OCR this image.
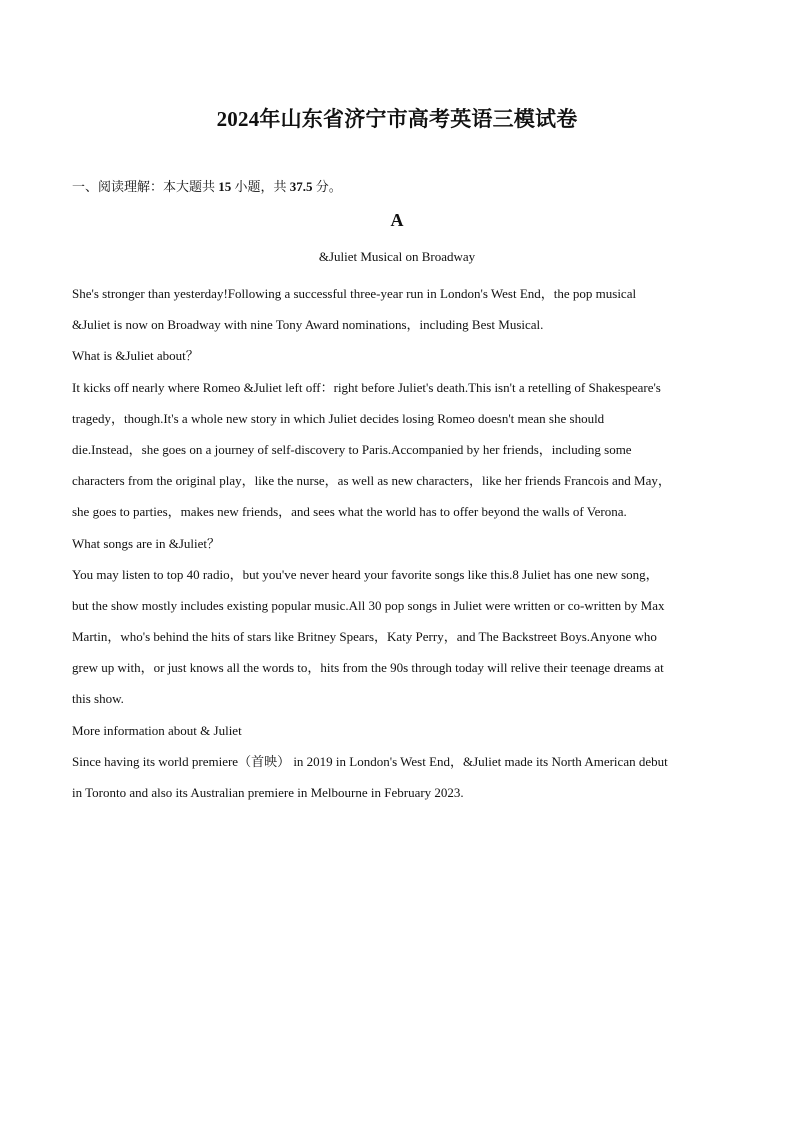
2024年山东省济宁市高考英语三模试卷
一、阅读理解：本大题共 15 小题，共 37.5 分。
A
&Juliet Musical on Broadway
She's stronger than yesterday!Following a successful three-year run in London's West End，the pop musical
&Juliet is now on Broadway with nine Tony Award nominations，including Best Musical.
What is &Juliet about？
It kicks off nearly where Romeo &Juliet left off：right before Juliet's death.This isn't a retelling of Shakespeare's
tragedy，though.It's a whole new story in which Juliet decides losing Romeo doesn't mean she should
die.Instead，she goes on a journey of self-discovery to Paris.Accompanied by her friends，including some
characters from the original play，like the nurse，as well as new characters，like her friends Francois and May，
she goes to parties，makes new friends，and sees what the world has to offer beyond the walls of Verona.
What songs are in &Juliet？
You may listen to top 40 radio，but you've never heard your favorite songs like this.8 Juliet has one new song，
but the show mostly includes existing popular music.All 30 pop songs in Juliet were written or co-written by Max
Martin，who's behind the hits of stars like Britney Spears，Katy Perry，and The Backstreet Boys.Anyone who
grew up with，or just knows all the words to，hits from the 90s through today will relive their teenage dreams at
this show.
More information about & Juliet
Since having its world premiere（首映） in 2019 in London's West End，&Juliet made its North American debut
in Toronto and also its Australian premiere in Melbourne in February 2023.
